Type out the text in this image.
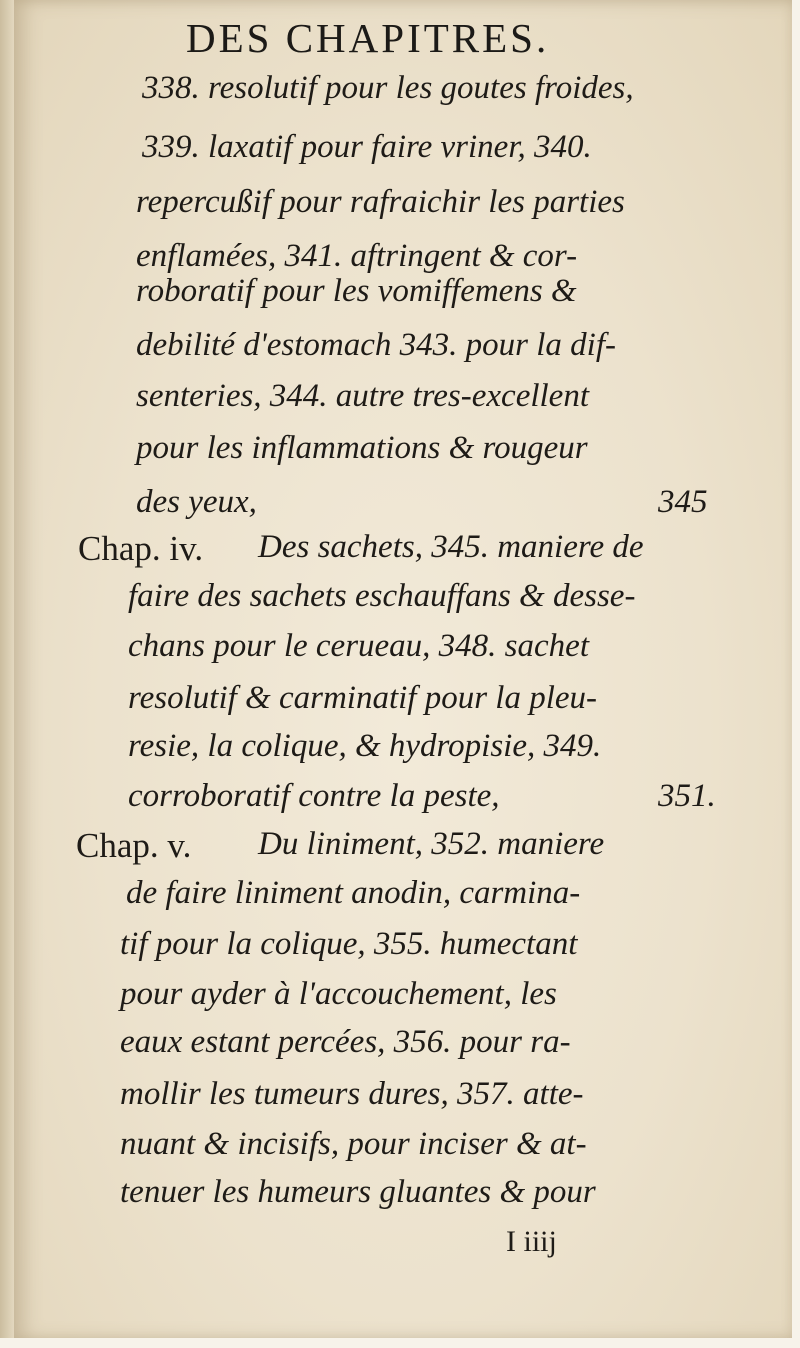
DES CHAPITRES.
338. resolutif pour les goutes froides,
339. laxatif pour faire vriner, 340.
repercußif pour rafraichir les parties
enflamées, 341. aftringent & cor-
roboratif pour les vomiffemens &
debilité d'estomach 343. pour la dif-
senteries, 344. autre tres-excellent
pour les inflammations & rougeur
des yeux,	345
Chap. iv. Des sachets, 345. maniere de
faire des sachets eschauffans & desse-
chans pour le cerueau, 348. sachet
resolutif & carminatif pour la pleu-
resie, la colique, & hydropisie, 349.
corroboratif contre la peste,	351.
Chap. v. Du liniment, 352. maniere
de faire liniment anodin, carmina-
tif pour la colique, 355. humectant
pour ayder à l'accouchement, les
eaux estant percées, 356. pour ra-
mollir les tumeurs dures, 357. atte-
nuant & incisifs, pour inciser & at-
tenuer les humeurs gluantes & pour
I iiij
